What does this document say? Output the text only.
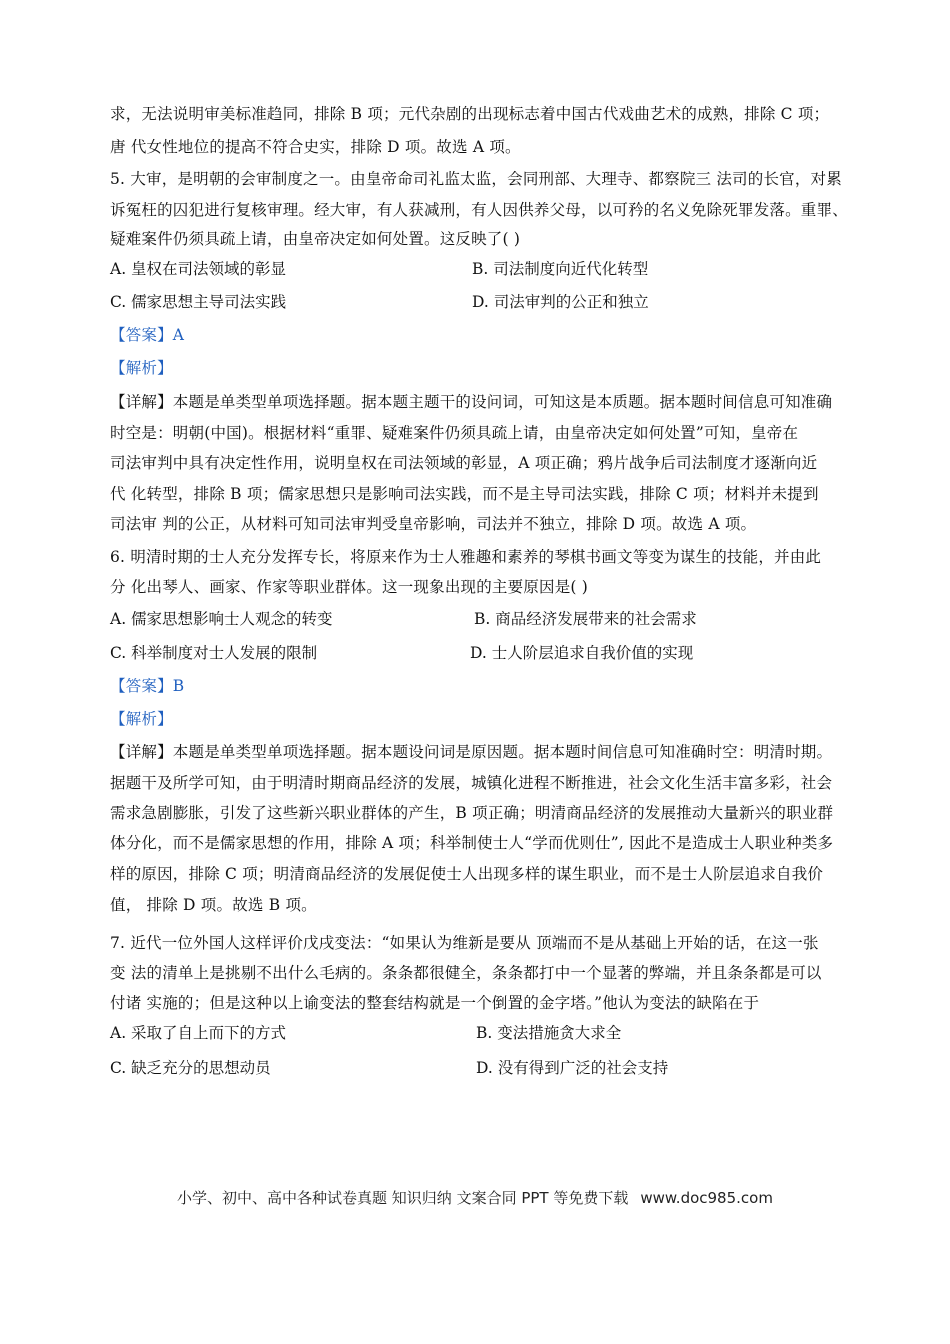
求，无法说明审美标准趋同，排除 B 项；元代杂剧的出现标志着中国古代戏曲艺术的成熟，排除 C 项；
唐 代女性地位的提高不符合史实，排除 D 项。故选 A 项。
5. 大审，是明朝的会审制度之一。由皇帝命司礼监太监，会同刑部、大理寺、都察院三 法司的长官，对累
诉冤枉的囚犯进行复核审理。经大审，有人获减刑，有人因供养父母，以可矜的名义免除死罪发落。重罪、
疑难案件仍须具疏上请，由皇帝决定如何处置。这反映了( )
A. 皇权在司法领域的彰显	B. 司法制度向近代化转型
C. 儒家思想主导司法实践	D. 司法审判的公正和独立
【答案】A
【解析】
【详解】本题是单类型单项选择题。据本题主题干的设问词，可知这是本质题。据本题时间信息可知准确
时空是：明朝(中国)。根据材料“重罪、疑难案件仍须具疏上请，由皇帝决定如何处置”可知，皇帝在
司法审判中具有决定性作用，说明皇权在司法领域的彰显，A 项正确；鸦片战争后司法制度才逐渐向近
代 化转型，排除 B 项；儒家思想只是影响司法实践，而不是主导司法实践，排除 C 项；材料并未提到
司法审 判的公正，从材料可知司法审判受皇帝影响，司法并不独立，排除 D 项。故选 A 项。
6. 明清时期的士人充分发挥专长，将原来作为士人雅趣和素养的琴棋书画文等变为谋生的技能，并由此
分 化出琴人、画家、作家等职业群体。这一现象出现的主要原因是( )
A. 儒家思想影响士人观念的转变	B. 商品经济发展带来的社会需求
C. 科举制度对士人发展的限制	D. 士人阶层追求自我价值的实现
【答案】B
【解析】
【详解】本题是单类型单项选择题。据本题设问词是原因题。据本题时间信息可知准确时空：明清时期。
据题干及所学可知，由于明清时期商品经济的发展，城镇化进程不断推进，社会文化生活丰富多彩，社会
需求急剧膨胀，引发了这些新兴职业群体的产生，B 项正确；明清商品经济的发展推动大量新兴的职业群
体分化，而不是儒家思想的作用，排除 A 项；科举制使士人“学而优则仕”, 因此不是造成士人职业种类多
样的原因，排除 C 项；明清商品经济的发展促使士人出现多样的谋生职业，而不是士人阶层追求自我价
值， 排除 D 项。故选 B 项。
7. 近代一位外国人这样评价戊戌变法：“如果认为维新是要从 顶端而不是从基础上开始的话，在这一张
变 法的清单上是挑剔不出什么毛病的。条条都很健全，条条都打中一个显著的弊端，并且条条都是可以
付诸 实施的；但是这种以上谕变法的整套结构就是一个倒置的金字塔。”他认为变法的缺陷在于
A. 采取了自上而下的方式	B. 变法措施贪大求全
C. 缺乏充分的思想动员	D. 没有得到广泛的社会支持
小学、初中、高中各种试卷真题 知识归纳 文案合同 PPT 等免费下载 www.doc985.com
